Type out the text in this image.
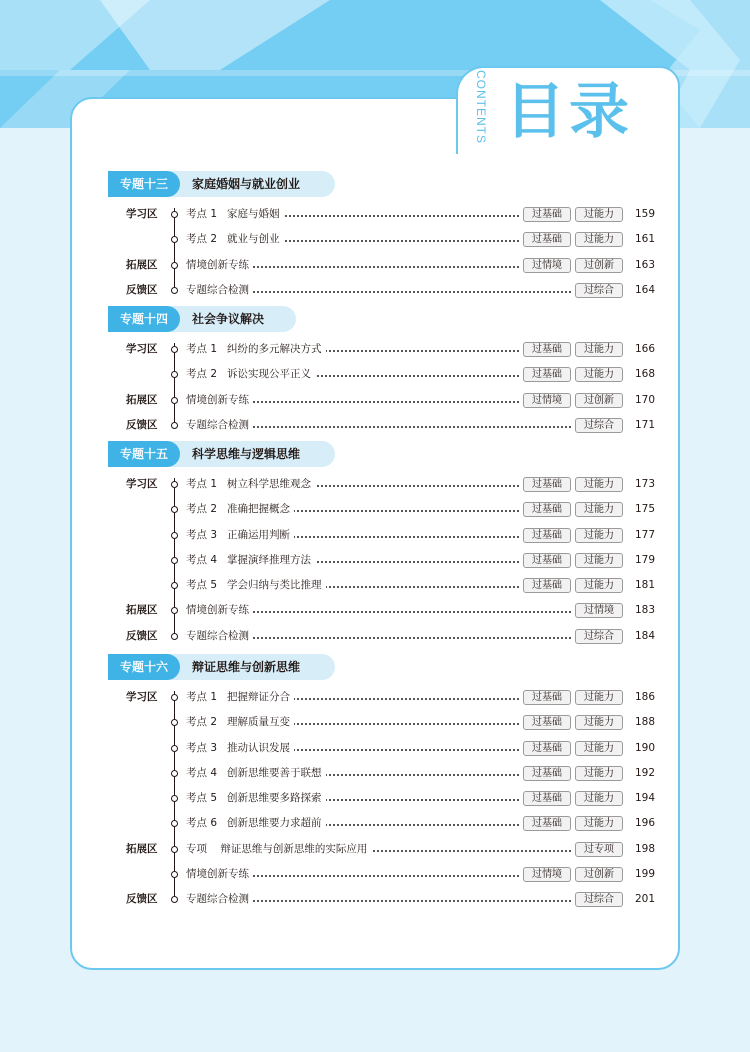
目录
CONTENTS
专题十三	家庭婚姻与就业创业
学习区	考点 1   家庭与婚姻	过基础	过能力	159
考点 2   就业与创业	过基础	过能力	161
拓展区	情境创新专练	过情境	过创新	163
反馈区	专题综合检测	过综合	164
专题十四	社会争议解决
学习区	考点 1   纠纷的多元解决方式	过基础	过能力	166
考点 2   诉讼实现公平正义	过基础	过能力	168
拓展区	情境创新专练	过情境	过创新	170
反馈区	专题综合检测	过综合	171
专题十五	科学思维与逻辑思维
学习区	考点 1   树立科学思维观念	过基础	过能力	173
考点 2   准确把握概念	过基础	过能力	175
考点 3   正确运用判断	过基础	过能力	177
考点 4   掌握演绎推理方法	过基础	过能力	179
考点 5   学会归纳与类比推理	过基础	过能力	181
拓展区	情境创新专练	过情境	183
反馈区	专题综合检测	过综合	184
专题十六	辩证思维与创新思维
学习区	考点 1   把握辩证分合	过基础	过能力	186
考点 2   理解质量互变	过基础	过能力	188
考点 3   推动认识发展	过基础	过能力	190
考点 4   创新思维要善于联想	过基础	过能力	192
考点 5   创新思维要多路探索	过基础	过能力	194
考点 6   创新思维要力求超前	过基础	过能力	196
拓展区	专项    辩证思维与创新思维的实际应用	过专项	198
情境创新专练	过情境	过创新	199
反馈区	专题综合检测	过综合	201
